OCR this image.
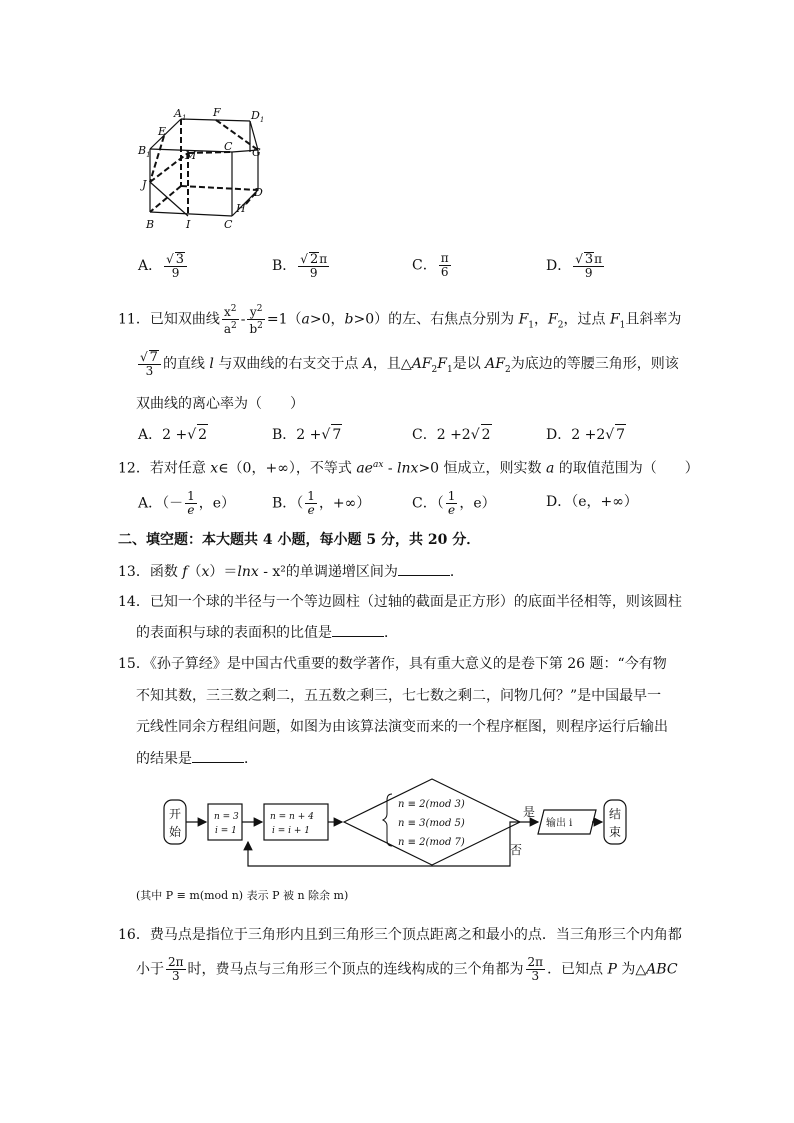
$A_1$ F	$D_1$
E
$B_1$	M
C G
J
D
H
B	I	C
A． $\frac{√ 3}{9}$	B． $\frac{√ 2\pi}{9}$	C． $\frac{\pi}{6}$	D． $\frac{√ 3\pi}{9}$
11．已知双曲线 $\frac{x^2}{a^2} - \frac{y^2}{b^2} =1(a>0$，b>0）的左、右焦点分别为 $F_1$，$F_2$，过点 $F_1$且斜率为
$\frac{√ 7}{3}$ 的直线 l 与双曲线的右支交于点 A，且$\triangle AF_2F_1$是以 $AF_2$为底边的等腰三角形，则该
双曲线的离心率为（　　）
A．2 +√ 2	B．2 +√ 7	C．2 +2√ 2	D．2 +2√ 7
12．若对任意 x∈（0，+∞），不等式 $ae^{ax} - \ln x>0$ 恒成立，则实数 a 的取值范围为（　　）
A．（－ $\frac{1}{e}$ ，e）	B．（ $\frac{1}{e}$ ，+∞）	C．（ $\frac{1}{e}$ ，e）	D．（e，+∞）
二、填空题：本大题共 4 小题，每小题 5 分，共 20 分．
13．函数 f（x）＝lnx - x²的单调递增区间为	．
14．已知一个球的半径与一个等边圆柱（过轴的截面是正方形）的底面半径相等，则该圆柱
的表面积与球的表面积的比值是	．
15．《孙子算经》是中国古代重要的数学著作，具有重大意义的是卷下第 26 题：“今有物
不知其数，三三数之剩二，五五数之剩三，七七数之剩二，问物几何？”是中国最早一
元线性同余方程组问题，如图为由该算法演变而来的一个程序框图，则程序运行后输出
的结果是	．
开
始
n = 3
i = 1
n = n + 4
i = i + 1
n ≡ 2(mod 3)
n ≡ 3(mod 5)
n ≡ 2(mod 7)
是
否
输出 i
结
束
(其中 P ≡ m(mod n) 表示 P 被 n 除余 m)
16．费马点是指位于三角形内且到三角形三个顶点距离之和最小的点．当三角形三个内角都
小于 $\frac{2\pi}{3}$ 时，费马点与三角形三个顶点的连线构成的三个角都为 $\frac{2\pi}{3}$ ．已知点 P 为△ABC
